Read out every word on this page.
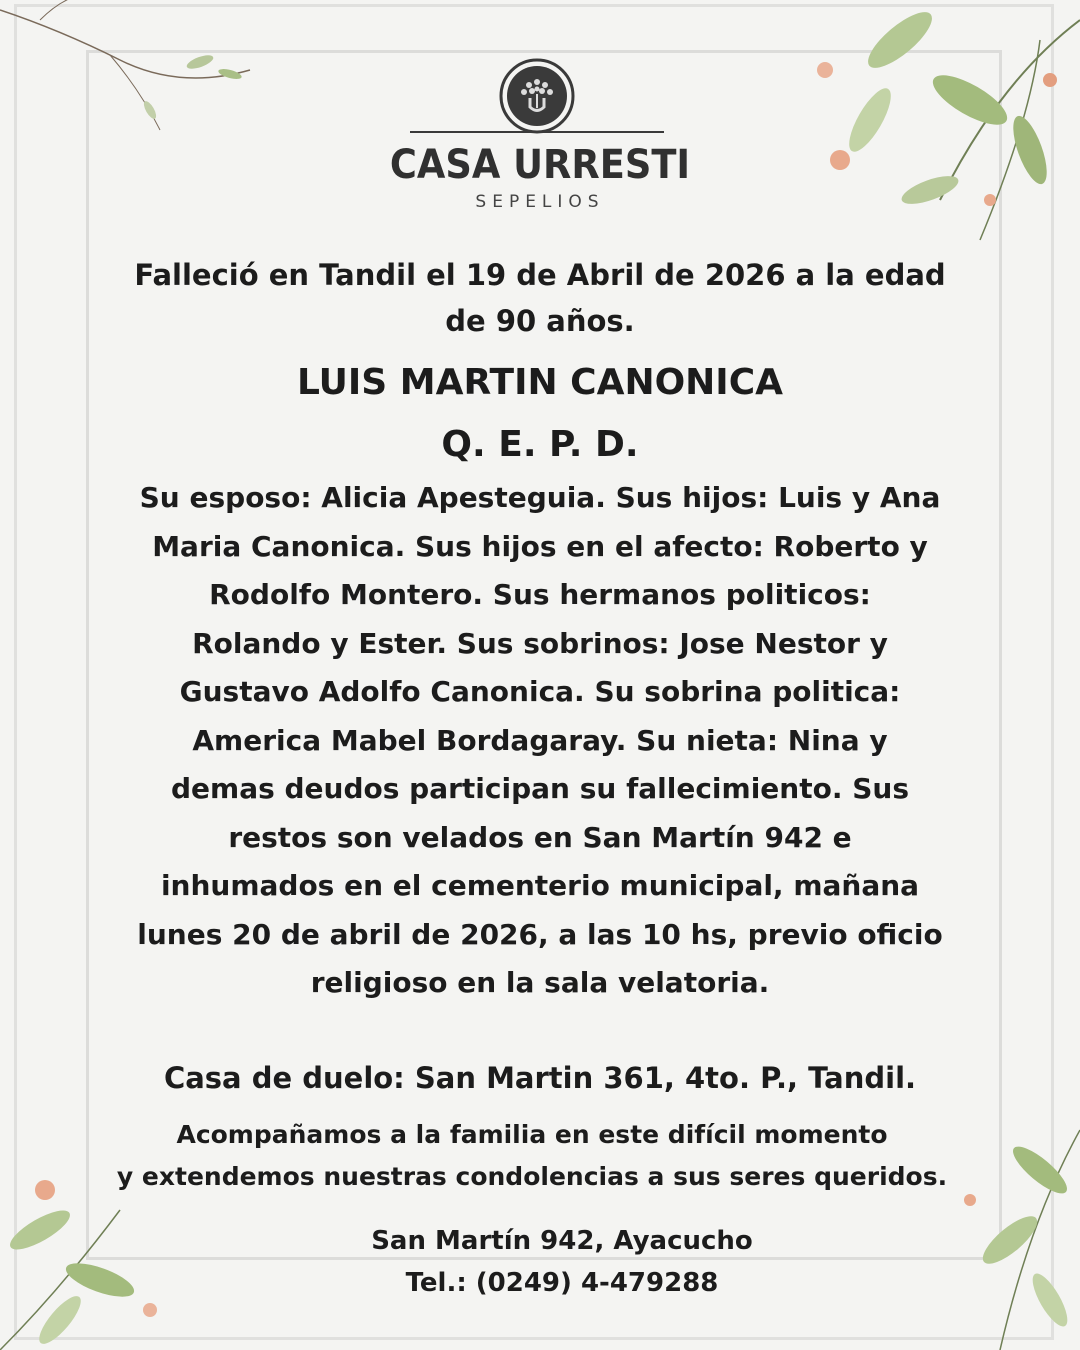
CASA URRESTI
SEPELIOS
Falleció en Tandil el 19 de Abril de 2026 a la edad
de 90 años.
LUIS MARTIN CANONICA
Q. E. P. D.
Su esposo: Alicia Apesteguia. Sus hijos: Luis y Ana
Maria Canonica. Sus hijos en el afecto: Roberto y
Rodolfo Montero. Sus hermanos politicos:
Rolando y Ester. Sus sobrinos: Jose Nestor y
Gustavo Adolfo Canonica. Su sobrina politica:
America Mabel Bordagaray. Su nieta: Nina y
demas deudos participan su fallecimiento. Sus
restos son velados en San Martín 942 e
inhumados en el cementerio municipal, mañana
lunes 20 de abril de 2026, a las 10 hs, previo oficio
religioso en la sala velatoria.
Casa de duelo: San Martin 361, 4to. P., Tandil.
Acompañamos a la familia en este difícil momento
y extendemos nuestras condolencias a sus seres queridos.
San Martín 942, Ayacucho
Tel.: (0249) 4-479288
